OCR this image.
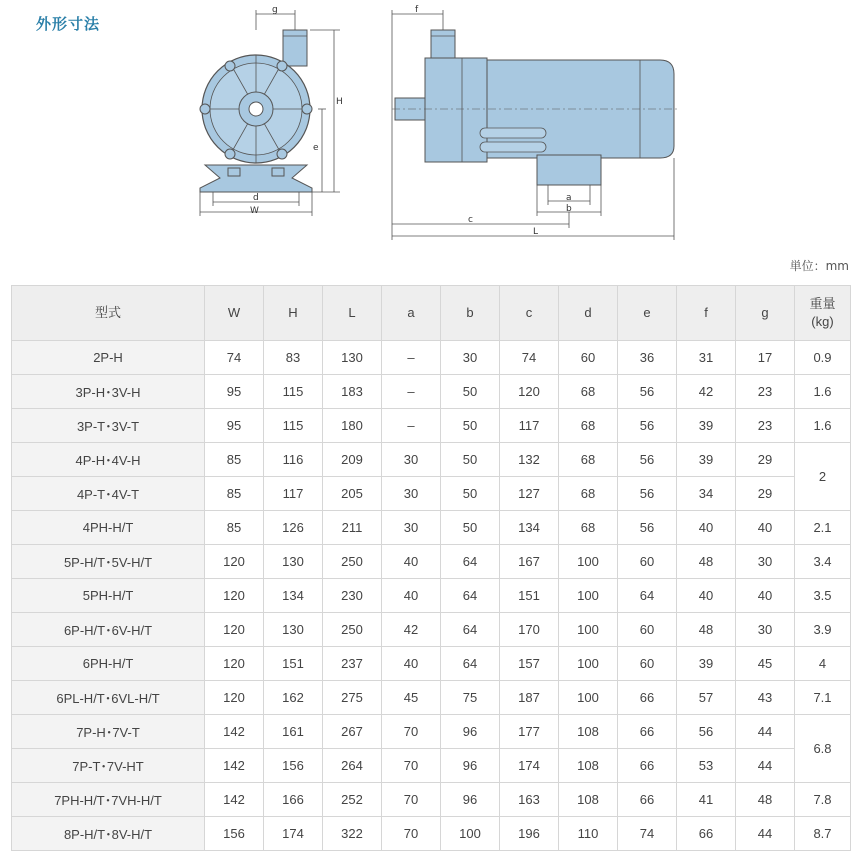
外形寸法
g
H
e
d
W
f
a
b
c
L
単位：mm
型式	W	H	L	a	b	c	d	e	f	g	重量
(kg)
2P-H	74	83	130	–	30	74	60	36	31	17	0.9
3P-H･3V-H	95	115	183	–	50	120	68	56	42	23	1.6
3P-T･3V-T	95	115	180	–	50	117	68	56	39	23	1.6
4P-H･4V-H	85	116	209	30	50	132	68	56	39	29	2
4P-T･4V-T	85	117	205	30	50	127	68	56	34	29	
4PH-H/T	85	126	211	30	50	134	68	56	40	40	2.1
5P-H/T･5V-H/T	120	130	250	40	64	167	100	60	48	30	3.4
5PH-H/T	120	134	230	40	64	151	100	64	40	40	3.5
6P-H/T･6V-H/T	120	130	250	42	64	170	100	60	48	30	3.9
6PH-H/T	120	151	237	40	64	157	100	60	39	45	4
6PL-H/T･6VL-H/T	120	162	275	45	75	187	100	66	57	43	7.1
7P-H･7V-T	142	161	267	70	96	177	108	66	56	44	6.8
7P-T･7V-HT	142	156	264	70	96	174	108	66	53	44	
7PH-H/T･7VH-H/T	142	166	252	70	96	163	108	66	41	48	7.8
8P-H/T･8V-H/T	156	174	322	70	100	196	110	74	66	44	8.7
